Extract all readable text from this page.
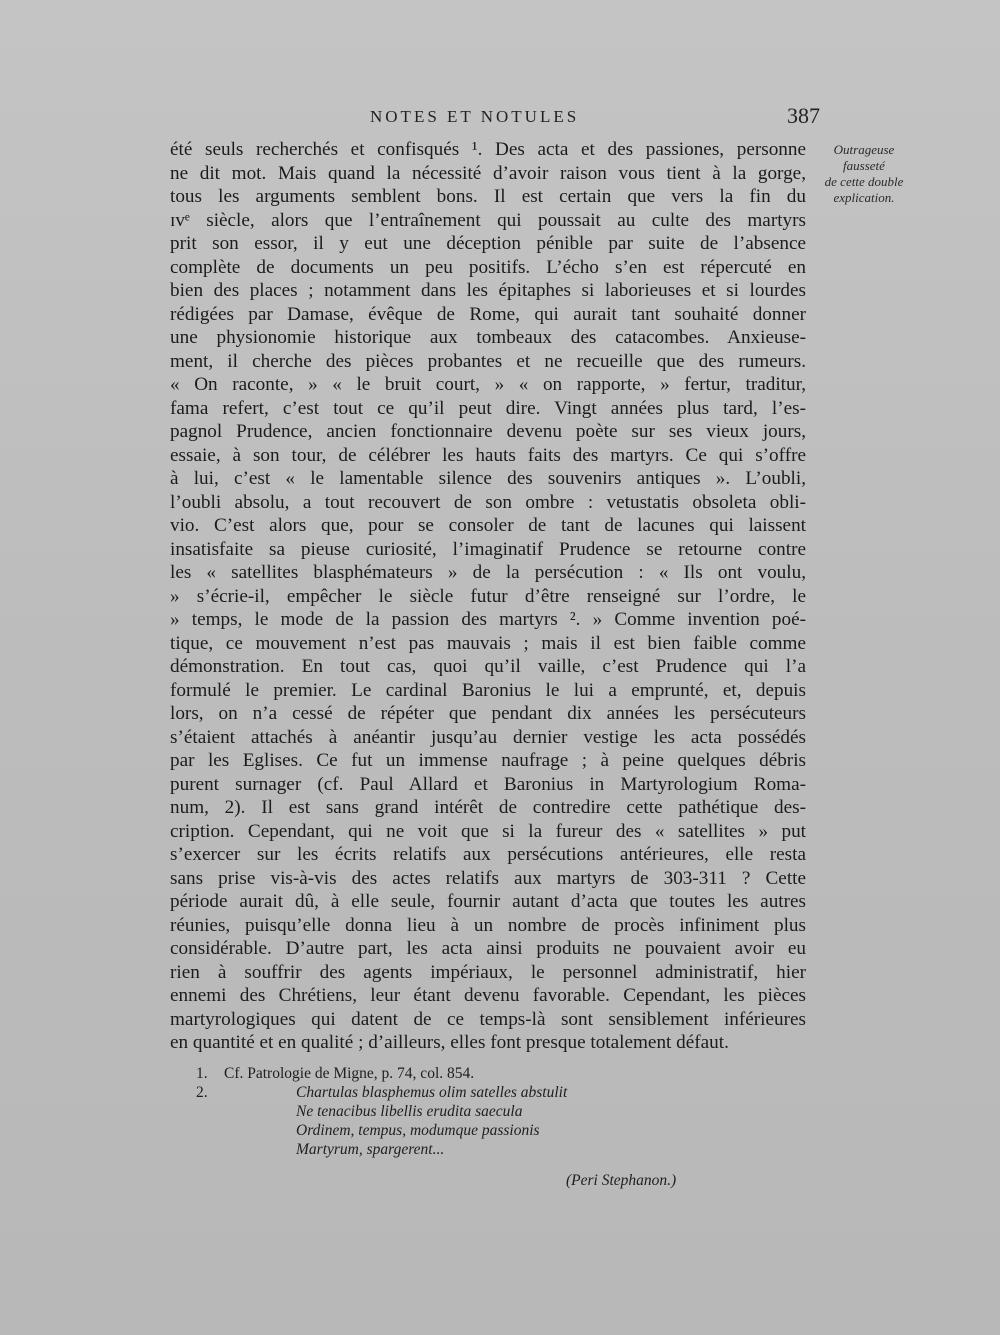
NOTES ET NOTULES	387
été seuls recherchés et confisqués ¹. Des acta et des passiones, personne
ne dit mot. Mais quand la nécessité d’avoir raison vous tient à la gorge,
tous les arguments semblent bons. Il est certain que vers la fin du
ɪvᵉ siècle, alors que l’entraînement qui poussait au culte des martyrs
prit son essor, il y eut une déception pénible par suite de l’absence
complète de documents un peu positifs. L’écho s’en est répercuté en
bien des places ; notamment dans les épitaphes si laborieuses et si lourdes
rédigées par Damase, évêque de Rome, qui aurait tant souhaité donner
une physionomie historique aux tombeaux des catacombes. Anxieuse-
ment, il cherche des pièces probantes et ne recueille que des rumeurs.
« On raconte, » « le bruit court, » « on rapporte, » fertur, traditur,
fama refert, c’est tout ce qu’il peut dire. Vingt années plus tard, l’es-
pagnol Prudence, ancien fonctionnaire devenu poète sur ses vieux jours,
essaie, à son tour, de célébrer les hauts faits des martyrs. Ce qui s’offre
à lui, c’est « le lamentable silence des souvenirs antiques ». L’oubli,
l’oubli absolu, a tout recouvert de son ombre : vetustatis obsoleta obli-
vio. C’est alors que, pour se consoler de tant de lacunes qui laissent
insatisfaite sa pieuse curiosité, l’imaginatif Prudence se retourne contre
les « satellites blasphémateurs » de la persécution : « Ils ont voulu,
» s’écrie-il, empêcher le siècle futur d’être renseigné sur l’ordre, le
» temps, le mode de la passion des martyrs ². » Comme invention poé-
tique, ce mouvement n’est pas mauvais ; mais il est bien faible comme
démonstration. En tout cas, quoi qu’il vaille, c’est Prudence qui l’a
formulé le premier. Le cardinal Baronius le lui a emprunté, et, depuis
lors, on n’a cessé de répéter que pendant dix années les persécuteurs
s’étaient attachés à anéantir jusqu’au dernier vestige les acta possédés
par les Eglises. Ce fut un immense naufrage ; à peine quelques débris
purent surnager (cf. Paul Allard et Baronius in Martyrologium Roma-
num, 2). Il est sans grand intérêt de contredire cette pathétique des-
cription. Cependant, qui ne voit que si la fureur des « satellites » put
s’exercer sur les écrits relatifs aux persécutions antérieures, elle resta
sans prise vis-à-vis des actes relatifs aux martyrs de 303-311 ? Cette
période aurait dû, à elle seule, fournir autant d’acta que toutes les autres
réunies, puisqu’elle donna lieu à un nombre de procès infiniment plus
considérable. D’autre part, les acta ainsi produits ne pouvaient avoir eu
rien à souffrir des agents impériaux, le personnel administratif, hier
ennemi des Chrétiens, leur étant devenu favorable. Cependant, les pièces
martyrologiques qui datent de ce temps-là sont sensiblement inférieures
en quantité et en qualité ; d’ailleurs, elles font presque totalement défaut.
Outrageuse
fausseté
de cette double
explication.
1. Cf. Patrologie de Migne, p. 74, col. 854.
2.	Chartulas blasphemus olim satelles abstulit
Ne tenacibus libellis erudita saecula
Ordinem, tempus, modumque passionis
Martyrum, spargerent...
(Peri Stephanon.)
